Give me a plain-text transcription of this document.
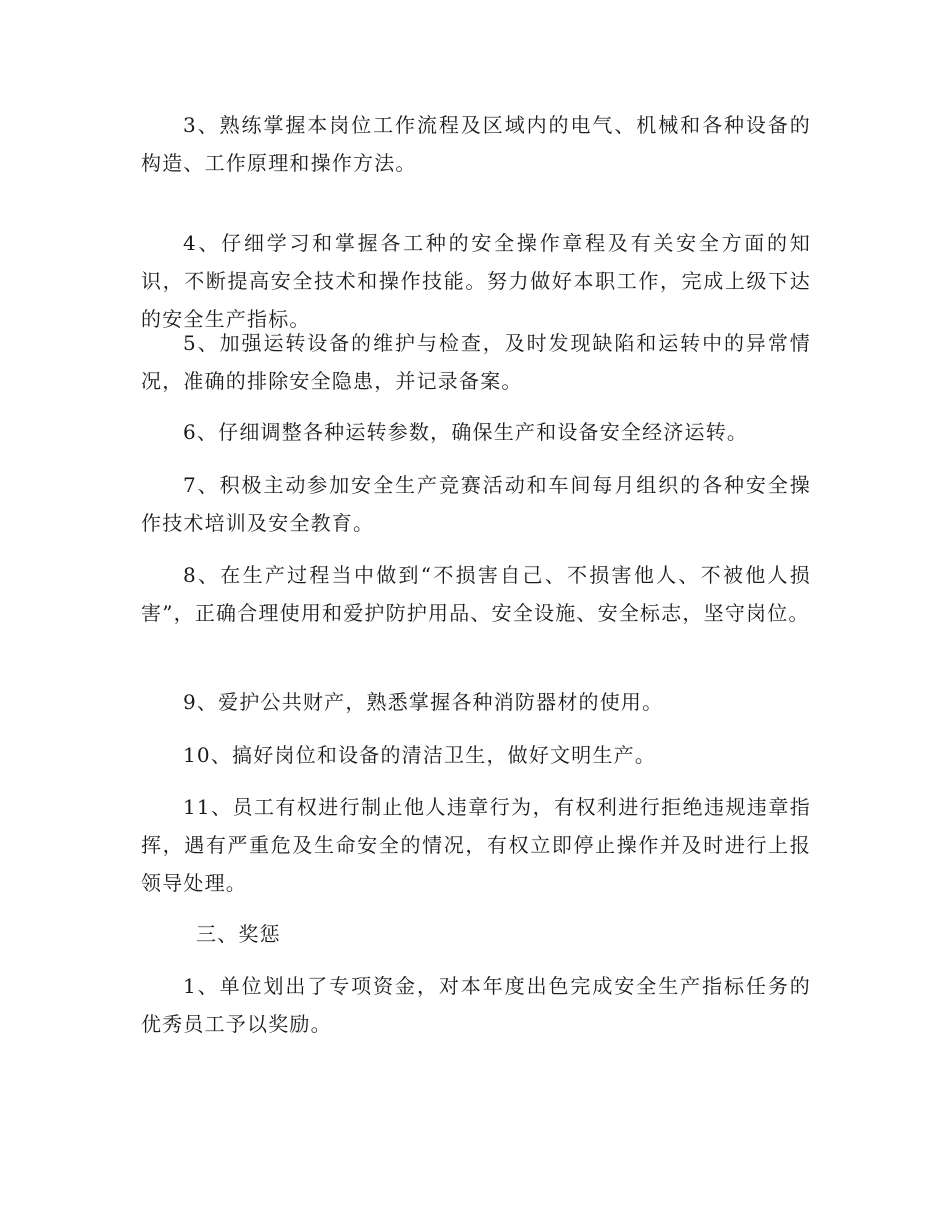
3、熟练掌握本岗位工作流程及区域内的电气、机械和各种设备的构造、工作原理和操作方法。

4、仔细学习和掌握各工种的安全操作章程及有关安全方面的知识，不断提高安全技术和操作技能。努力做好本职工作，完成上级下达的安全生产指标。

5、加强运转设备的维护与检查，及时发现缺陷和运转中的异常情况，准确的排除安全隐患，并记录备案。

6、仔细调整各种运转参数，确保生产和设备安全经济运转。

7、积极主动参加安全生产竞赛活动和车间每月组织的各种安全操作技术培训及安全教育。

8、在生产过程当中做到“不损害自己、不损害他人、不被他人损害”，正确合理使用和爱护防护用品、安全设施、安全标志，坚守岗位。

9、爱护公共财产，熟悉掌握各种消防器材的使用。

10、搞好岗位和设备的清洁卫生，做好文明生产。

11、员工有权进行制止他人违章行为，有权利进行拒绝违规违章指挥，遇有严重危及生命安全的情况，有权立即停止操作并及时进行上报领导处理。

三、奖惩

1、单位划出了专项资金，对本年度出色完成安全生产指标任务的优秀员工予以奖励。
